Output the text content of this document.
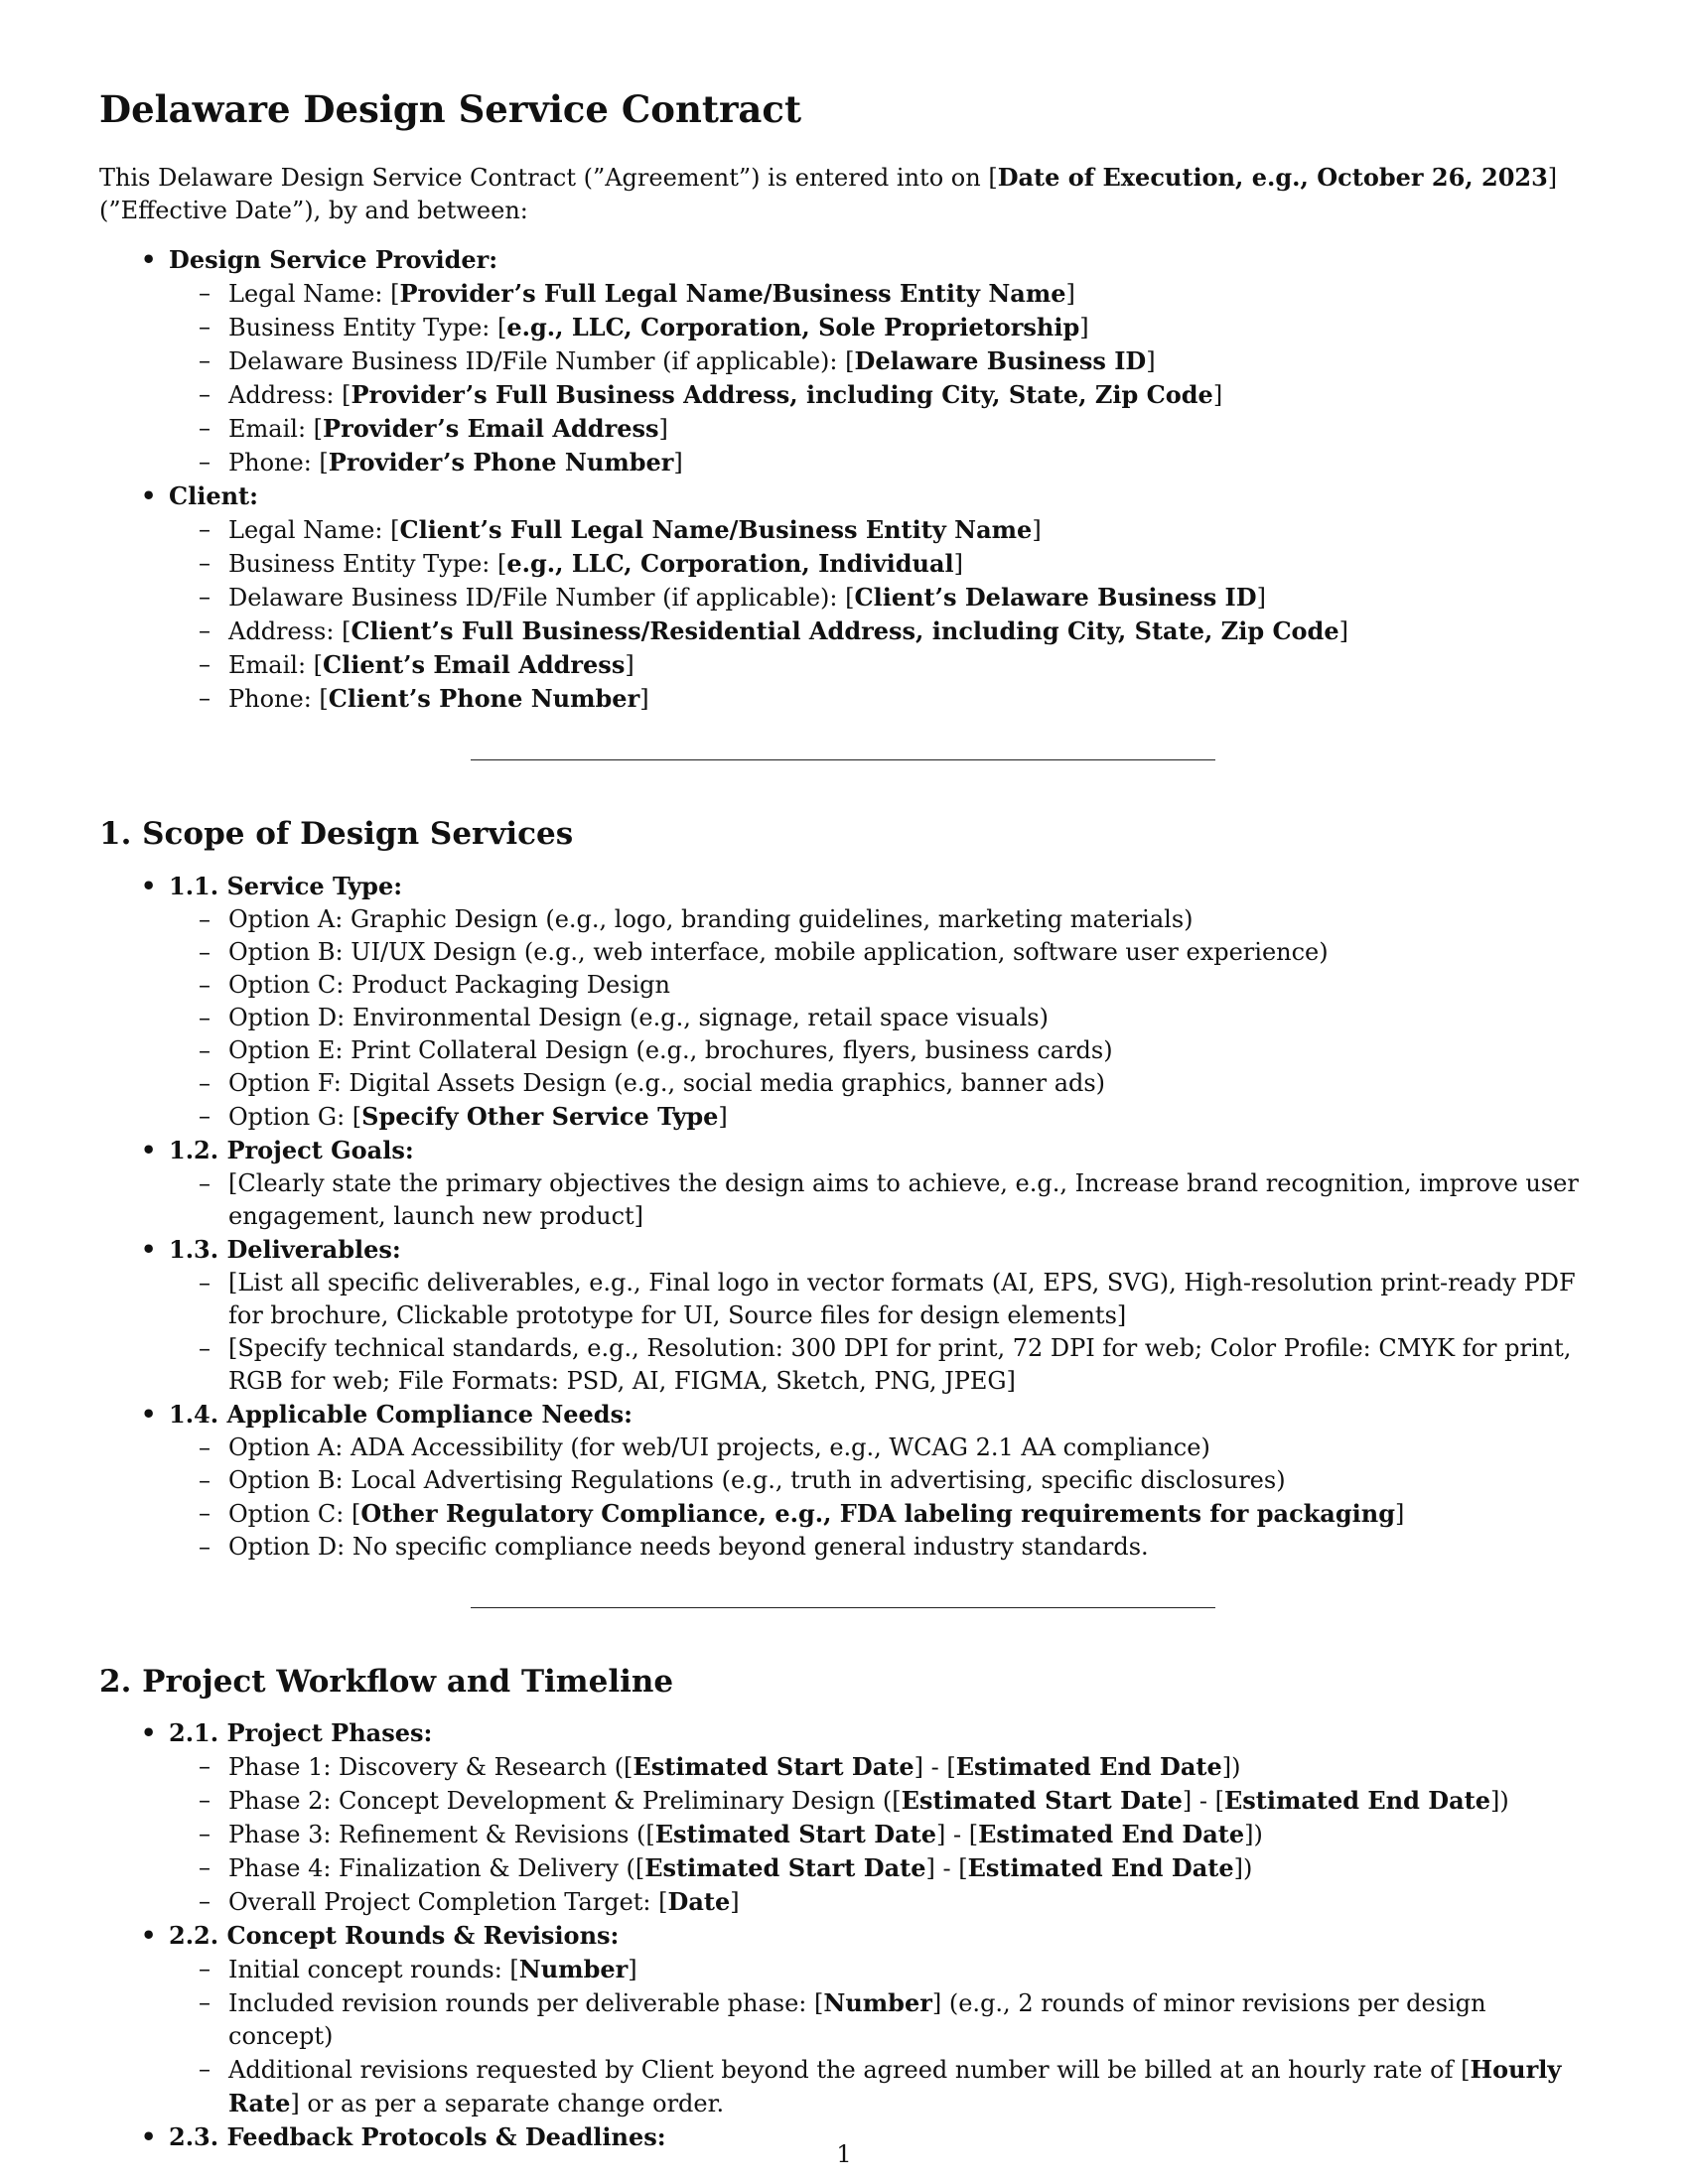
Delaware Design Service Contract

This Delaware Design Service Contract (”Agreement”) is entered into on [Date of Execution, e.g., October 26, 2023] (”Effective Date”), by and between:

• Design Service Provider:
– Legal Name: [Provider’s Full Legal Name/Business Entity Name]
– Business Entity Type: [e.g., LLC, Corporation, Sole Proprietorship]
– Delaware Business ID/File Number (if applicable): [Delaware Business ID]
– Address: [Provider’s Full Business Address, including City, State, Zip Code]
– Email: [Provider’s Email Address]
– Phone: [Provider’s Phone Number]
• Client:
– Legal Name: [Client’s Full Legal Name/Business Entity Name]
– Business Entity Type: [e.g., LLC, Corporation, Individual]
– Delaware Business ID/File Number (if applicable): [Client’s Delaware Business ID]
– Address: [Client’s Full Business/Residential Address, including City, State, Zip Code]
– Email: [Client’s Email Address]
– Phone: [Client’s Phone Number]
1. Scope of Design Services
• 1.1. Service Type:
– Option A: Graphic Design (e.g., logo, branding guidelines, marketing materials)
– Option B: UI/UX Design (e.g., web interface, mobile application, software user experience)
– Option C: Product Packaging Design
– Option D: Environmental Design (e.g., signage, retail space visuals)
– Option E: Print Collateral Design (e.g., brochures, flyers, business cards)
– Option F: Digital Assets Design (e.g., social media graphics, banner ads)
– Option G: [Specify Other Service Type]
• 1.2. Project Goals:
– [Clearly state the primary objectives the design aims to achieve, e.g., Increase brand recognition, improve user engagement, launch new product]
• 1.3. Deliverables:
– [List all specific deliverables, e.g., Final logo in vector formats (AI, EPS, SVG), High-resolution print-ready PDF for brochure, Clickable prototype for UI, Source files for design elements]
– [Specify technical standards, e.g., Resolution: 300 DPI for print, 72 DPI for web; Color Profile: CMYK for print, RGB for web; File Formats: PSD, AI, FIGMA, Sketch, PNG, JPEG]
• 1.4. Applicable Compliance Needs:
– Option A: ADA Accessibility (for web/UI projects, e.g., WCAG 2.1 AA compliance)
– Option B: Local Advertising Regulations (e.g., truth in advertising, specific disclosures)
– Option C: [Other Regulatory Compliance, e.g., FDA labeling requirements for packaging]
– Option D: No specific compliance needs beyond general industry standards.
2. Project Workflow and Timeline
• 2.1. Project Phases:
– Phase 1: Discovery & Research ([Estimated Start Date] - [Estimated End Date])
– Phase 2: Concept Development & Preliminary Design ([Estimated Start Date] - [Estimated End Date])
– Phase 3: Refinement & Revisions ([Estimated Start Date] - [Estimated End Date])
– Phase 4: Finalization & Delivery ([Estimated Start Date] - [Estimated End Date])
– Overall Project Completion Target: [Date]
• 2.2. Concept Rounds & Revisions:
– Initial concept rounds: [Number]
– Included revision rounds per deliverable phase: [Number] (e.g., 2 rounds of minor revisions per design concept)
– Additional revisions requested by Client beyond the agreed number will be billed at an hourly rate of [Hourly Rate] or as per a separate change order.
• 2.3. Feedback Protocols & Deadlines:
1
